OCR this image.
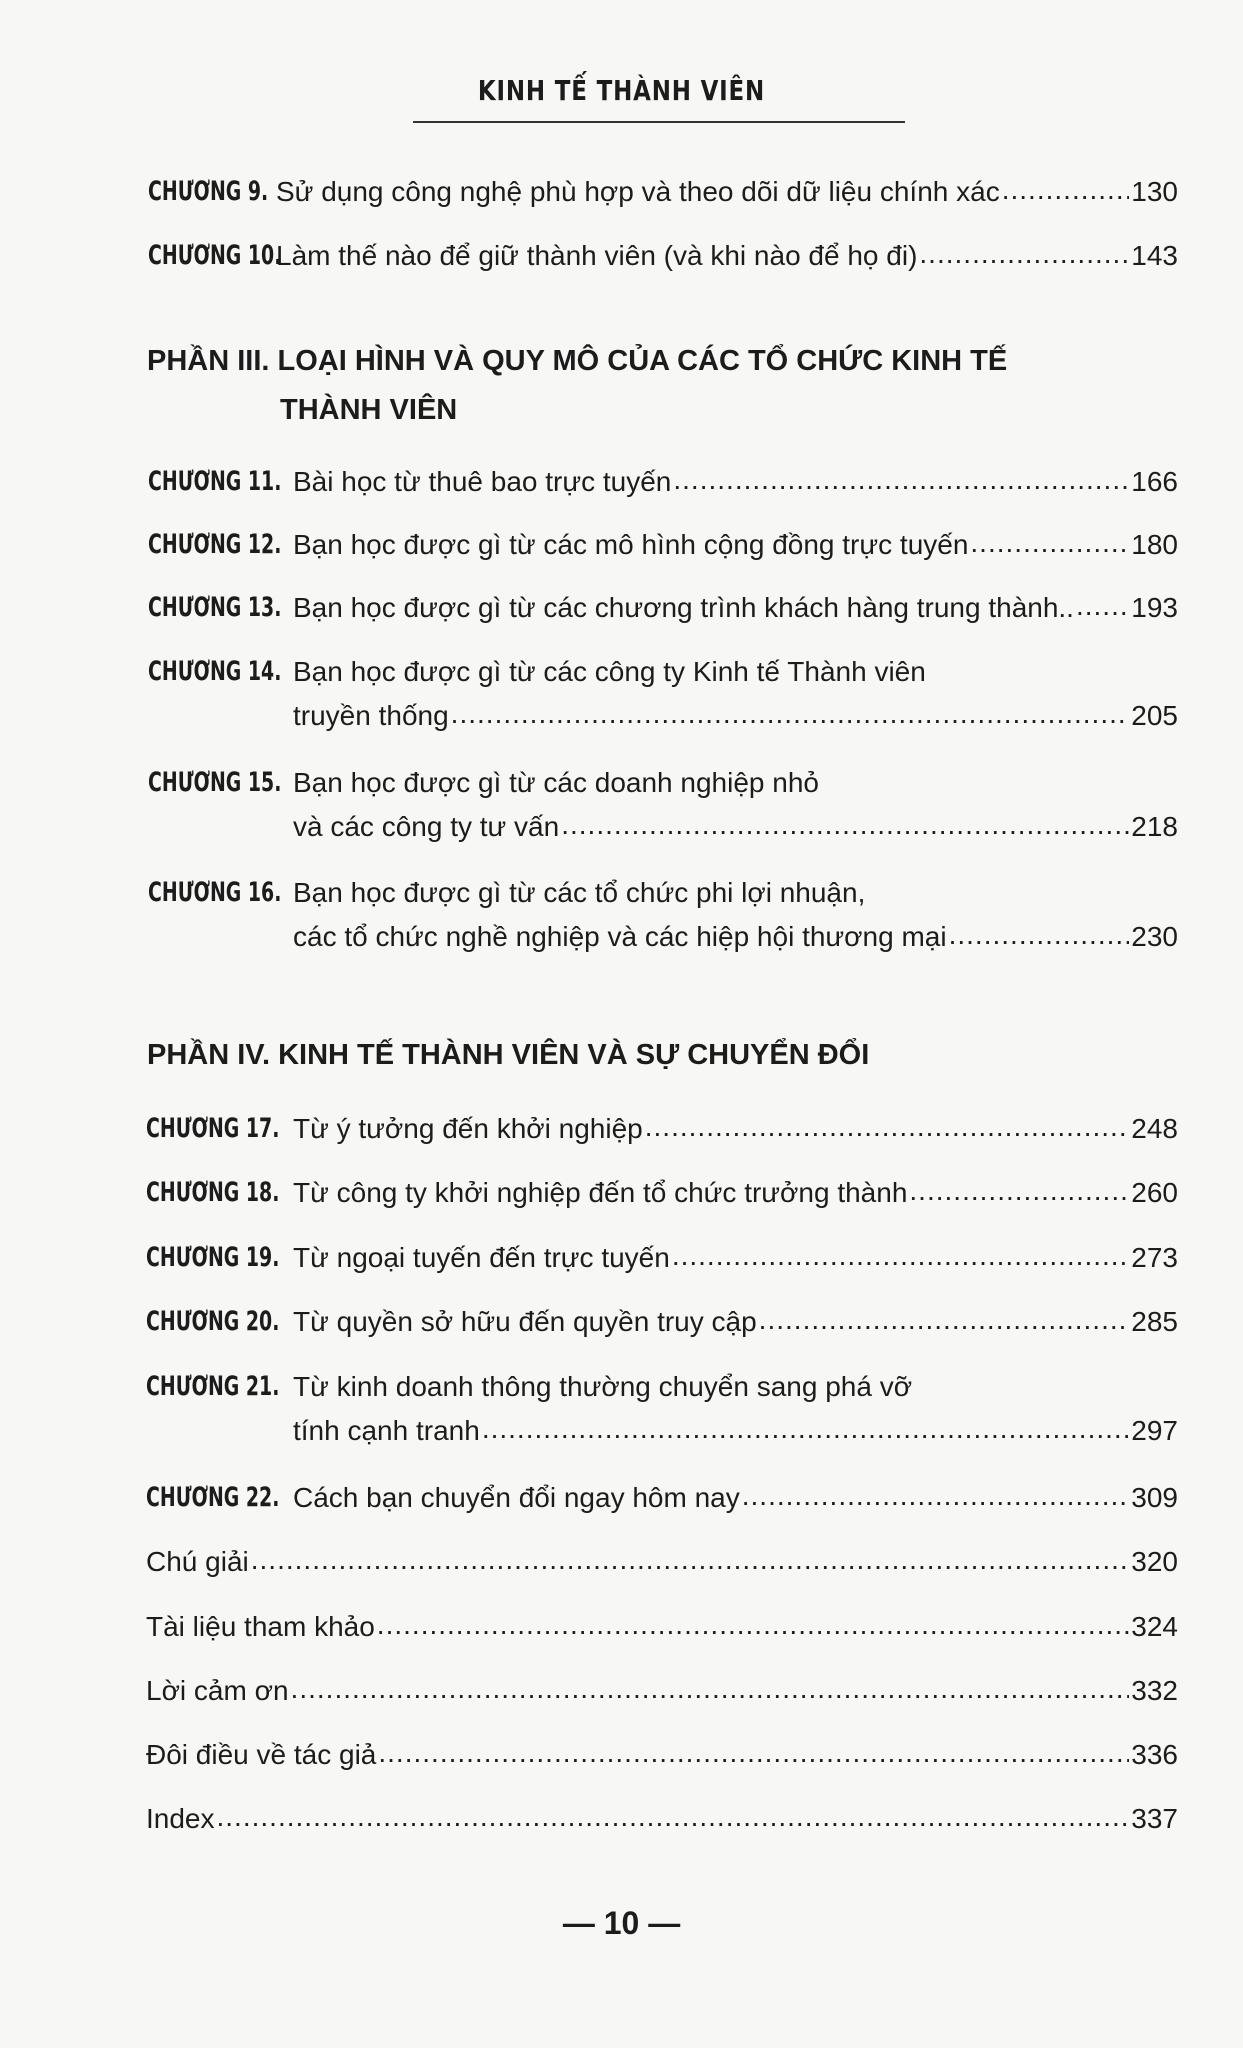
KINH TẾ THÀNH VIÊN
CHƯƠNG 9. Sử dụng công nghệ phù hợp và theo dõi dữ liệu chính xác .....	130
CHƯƠNG 10.
Làm thế nào để giữ thành viên (và khi nào để họ đi) .....	143
PHẦN III. LOẠI HÌNH VÀ QUY MÔ CỦA CÁC TỔ CHỨC KINH TẾ
THÀNH VIÊN
CHƯƠNG 11. Bài học từ thuê bao trực tuyến .....	166
CHƯƠNG 12. Bạn học được gì từ các mô hình cộng đồng trực tuyến .....	180
CHƯƠNG 13. Bạn học được gì từ các chương trình khách hàng trung thành.. ..... 193
CHƯƠNG 14. Bạn học được gì từ các công ty Kinh tế Thành viên
truyền thống .....	205
CHƯƠNG 15. Bạn học được gì từ các doanh nghiệp nhỏ
và các công ty tư vấn .....	218
CHƯƠNG 16. Bạn học được gì từ các tổ chức phi lợi nhuận,
các tổ chức nghề nghiệp và các hiệp hội thương mại .....	230
PHẦN IV. KINH TẾ THÀNH VIÊN VÀ SỰ CHUYỂN ĐỔI
CHƯƠNG 17. Từ ý tưởng đến khởi nghiệp .....	248
CHƯƠNG 18. Từ công ty khởi nghiệp đến tổ chức trưởng thành .....	260
CHƯƠNG 19. Từ ngoại tuyến đến trực tuyến .....	273
CHƯƠNG 20. Từ quyền sở hữu đến quyền truy cập .....	285
CHƯƠNG 21. Từ kinh doanh thông thường chuyển sang phá vỡ
tính cạnh tranh .....	297
CHƯƠNG 22. Cách bạn chuyển đổi ngay hôm nay .....	309
Chú giải .....	320
Tài liệu tham khảo .....	324
Lời cảm ơn .....	332
Đôi điều về tác giả .....	336
Index .....	337
— 10 —
